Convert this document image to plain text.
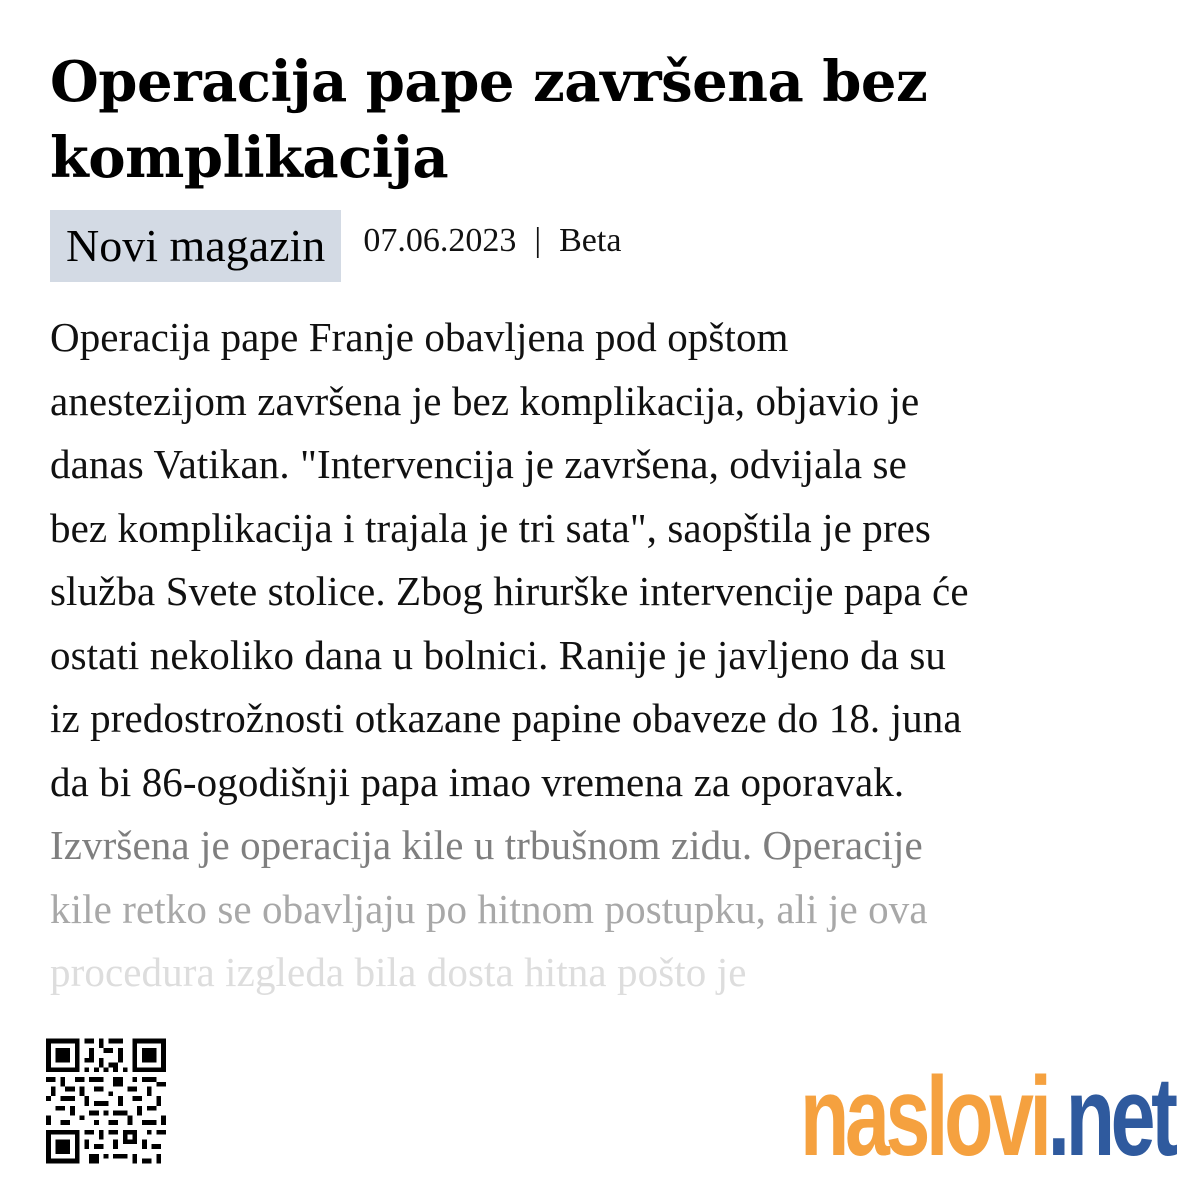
Operacija pape završena bez
komplikacija
Novi magazin	07.06.2023 | Beta
Operacija pape Franje obavljena pod opštom
anestezijom završena je bez komplikacija, objavio je
danas Vatikan. "Intervencija je završena, odvijala se
bez komplikacija i trajala je tri sata", saopštila je pres
služba Svete stolice. Zbog hirurške intervencije papa će
ostati nekoliko dana u bolnici. Ranije je javljeno da su
iz predostrožnosti otkazane papine obaveze do 18. juna
da bi 86-ogodišnji papa imao vremena za oporavak.
Izvršena je operacija kile u trbušnom zidu. Operacije
kile retko se obavljaju po hitnom postupku, ali je ova
procedura izgleda bila dosta hitna pošto je
naslovi.net
